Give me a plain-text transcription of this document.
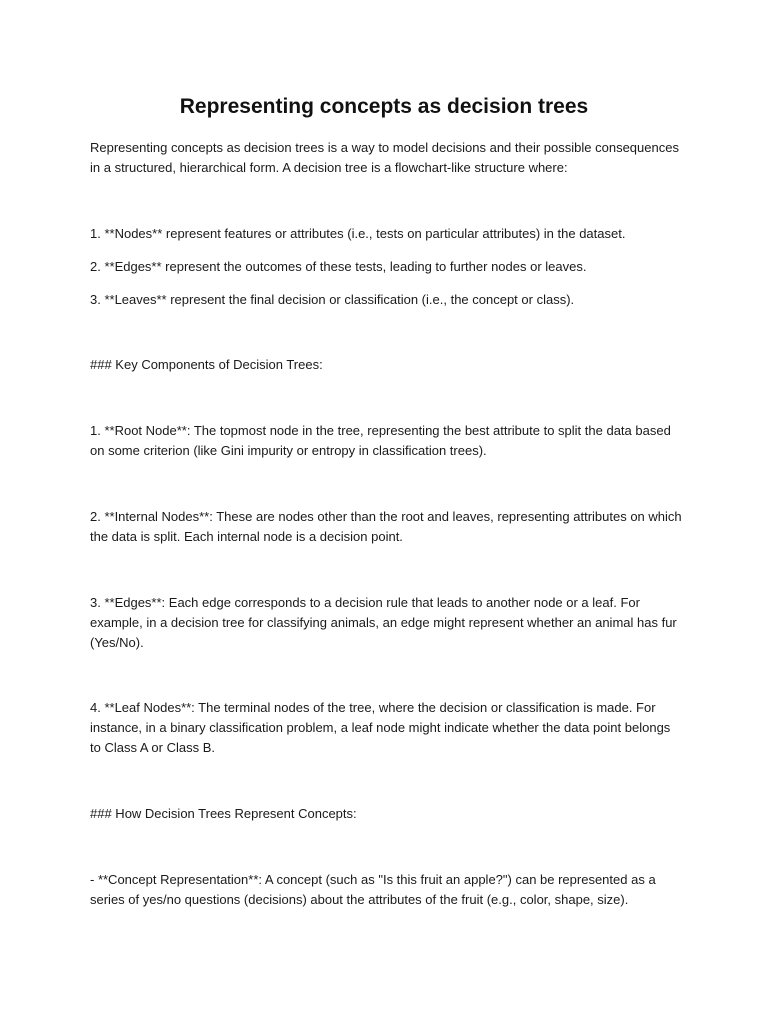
Representing concepts as decision trees

Representing concepts as decision trees is a way to model decisions and their possible consequences in a structured, hierarchical form. A decision tree is a flowchart-like structure where:

1. **Nodes** represent features or attributes (i.e., tests on particular attributes) in the dataset.

2. **Edges** represent the outcomes of these tests, leading to further nodes or leaves.

3. **Leaves** represent the final decision or classification (i.e., the concept or class).

### Key Components of Decision Trees:

1. **Root Node**: The topmost node in the tree, representing the best attribute to split the data based on some criterion (like Gini impurity or entropy in classification trees).

2. **Internal Nodes**: These are nodes other than the root and leaves, representing attributes on which the data is split. Each internal node is a decision point.

3. **Edges**: Each edge corresponds to a decision rule that leads to another node or a leaf. For example, in a decision tree for classifying animals, an edge might represent whether an animal has fur (Yes/No).

4. **Leaf Nodes**: The terminal nodes of the tree, where the decision or classification is made. For instance, in a binary classification problem, a leaf node might indicate whether the data point belongs to Class A or Class B.

### How Decision Trees Represent Concepts:

- **Concept Representation**: A concept (such as "Is this fruit an apple?") can be represented as a series of yes/no questions (decisions) about the attributes of the fruit (e.g., color, shape, size).
